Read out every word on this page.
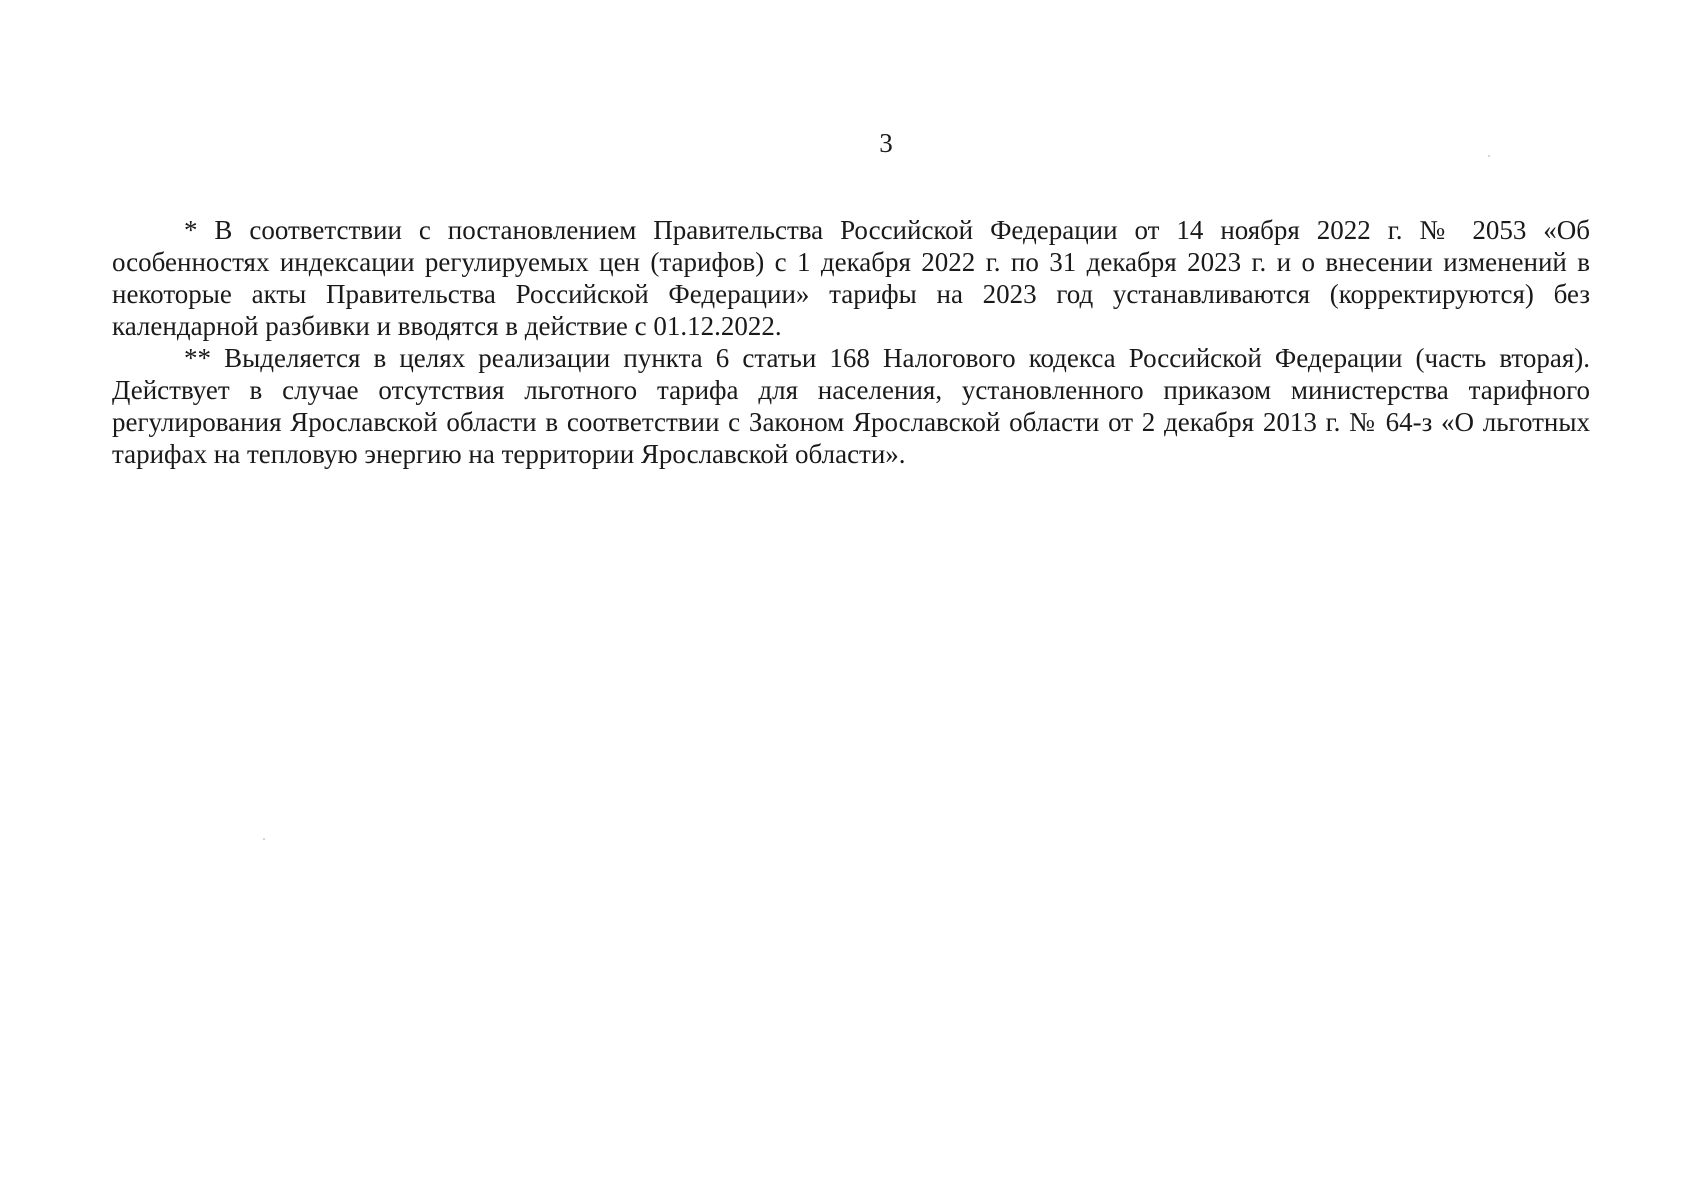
3

* В соответствии с постановлением Правительства Российской Федерации от 14 ноября 2022 г. № 2053 «Об особенностях индексации регулируемых цен (тарифов) с 1 декабря 2022 г. по 31 декабря 2023 г. и о внесении изменений в некоторые акты Правительства Российской Федерации» тарифы на 2023 год устанавливаются (корректируются) без календарной разбивки и вводятся в действие с 01.12.2022.

** Выделяется в целях реализации пункта 6 статьи 168 Налогового кодекса Российской Федерации (часть вторая). Действует в случае отсутствия льготного тарифа для населения, установленного приказом министерства тарифного регулирования Ярославской области в соответствии с Законом Ярославской области от 2 декабря 2013 г. № 64-з «О льготных тарифах на тепловую энергию на территории Ярославской области».
